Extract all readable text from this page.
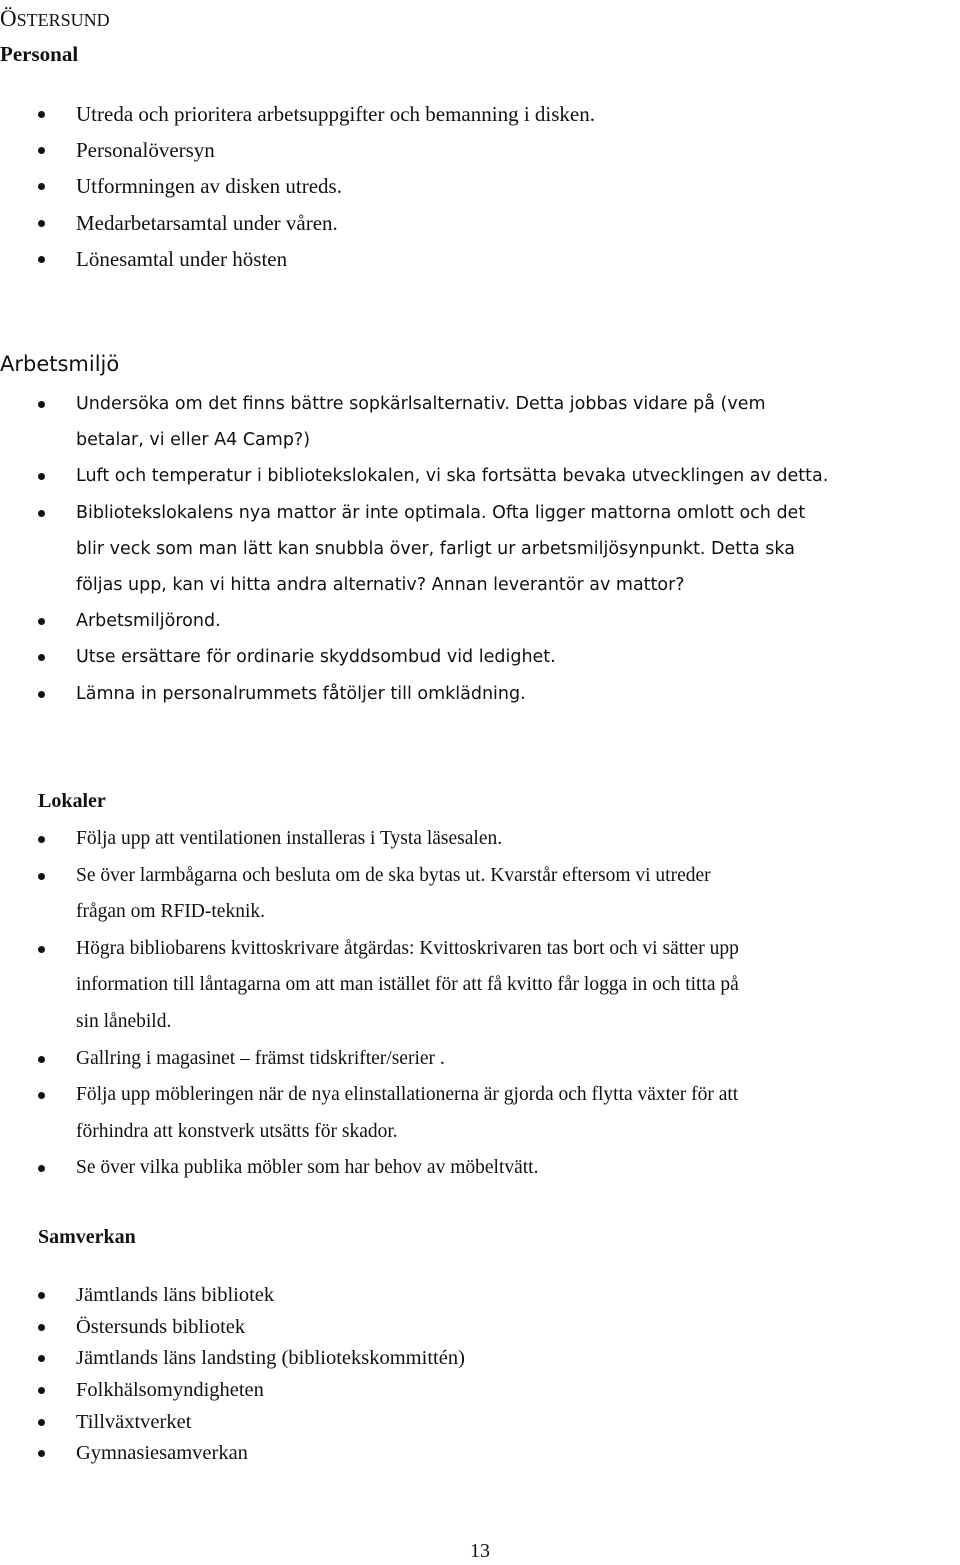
ÖSTERSUND
Personal
Utreda och prioritera arbetsuppgifter och bemanning i disken.
Personalöversyn
Utformningen av disken utreds.
Medarbetarsamtal under våren.
Lönesamtal under hösten
Arbetsmiljö
Undersöka om det finns bättre sopkärlsalternativ. Detta jobbas vidare på (vem
betalar, vi eller A4 Camp?)
Luft och temperatur i bibliotekslokalen, vi ska fortsätta bevaka utvecklingen av detta.
Bibliotekslokalens nya mattor är inte optimala. Ofta ligger mattorna omlott och det
blir veck som man lätt kan snubbla över, farligt ur arbetsmiljösynpunkt. Detta ska
följas upp, kan vi hitta andra alternativ? Annan leverantör av mattor?
Arbetsmiljörond.
Utse ersättare för ordinarie skyddsombud vid ledighet.
Lämna in personalrummets fåtöljer till omklädning.
Lokaler
Följa upp att ventilationen installeras i Tysta läsesalen.
Se över larmbågarna och besluta om de ska bytas ut. Kvarstår eftersom vi utreder
frågan om RFID-teknik.
Högra bibliobarens kvittoskrivare åtgärdas: Kvittoskrivaren tas bort och vi sätter upp
information till låntagarna om att man istället för att få kvitto får logga in och titta på
sin lånebild.
Gallring i magasinet – främst tidskrifter/serier .
Följa upp möbleringen när de nya elinstallationerna är gjorda och flytta växter för att
förhindra att konstverk utsätts för skador.
Se över vilka publika möbler som har behov av möbeltvätt.
Samverkan
Jämtlands läns bibliotek
Östersunds bibliotek
Jämtlands läns landsting (bibliotekskommittén)
Folkhälsomyndigheten
Tillväxtverket
Gymnasiesamverkan
13
